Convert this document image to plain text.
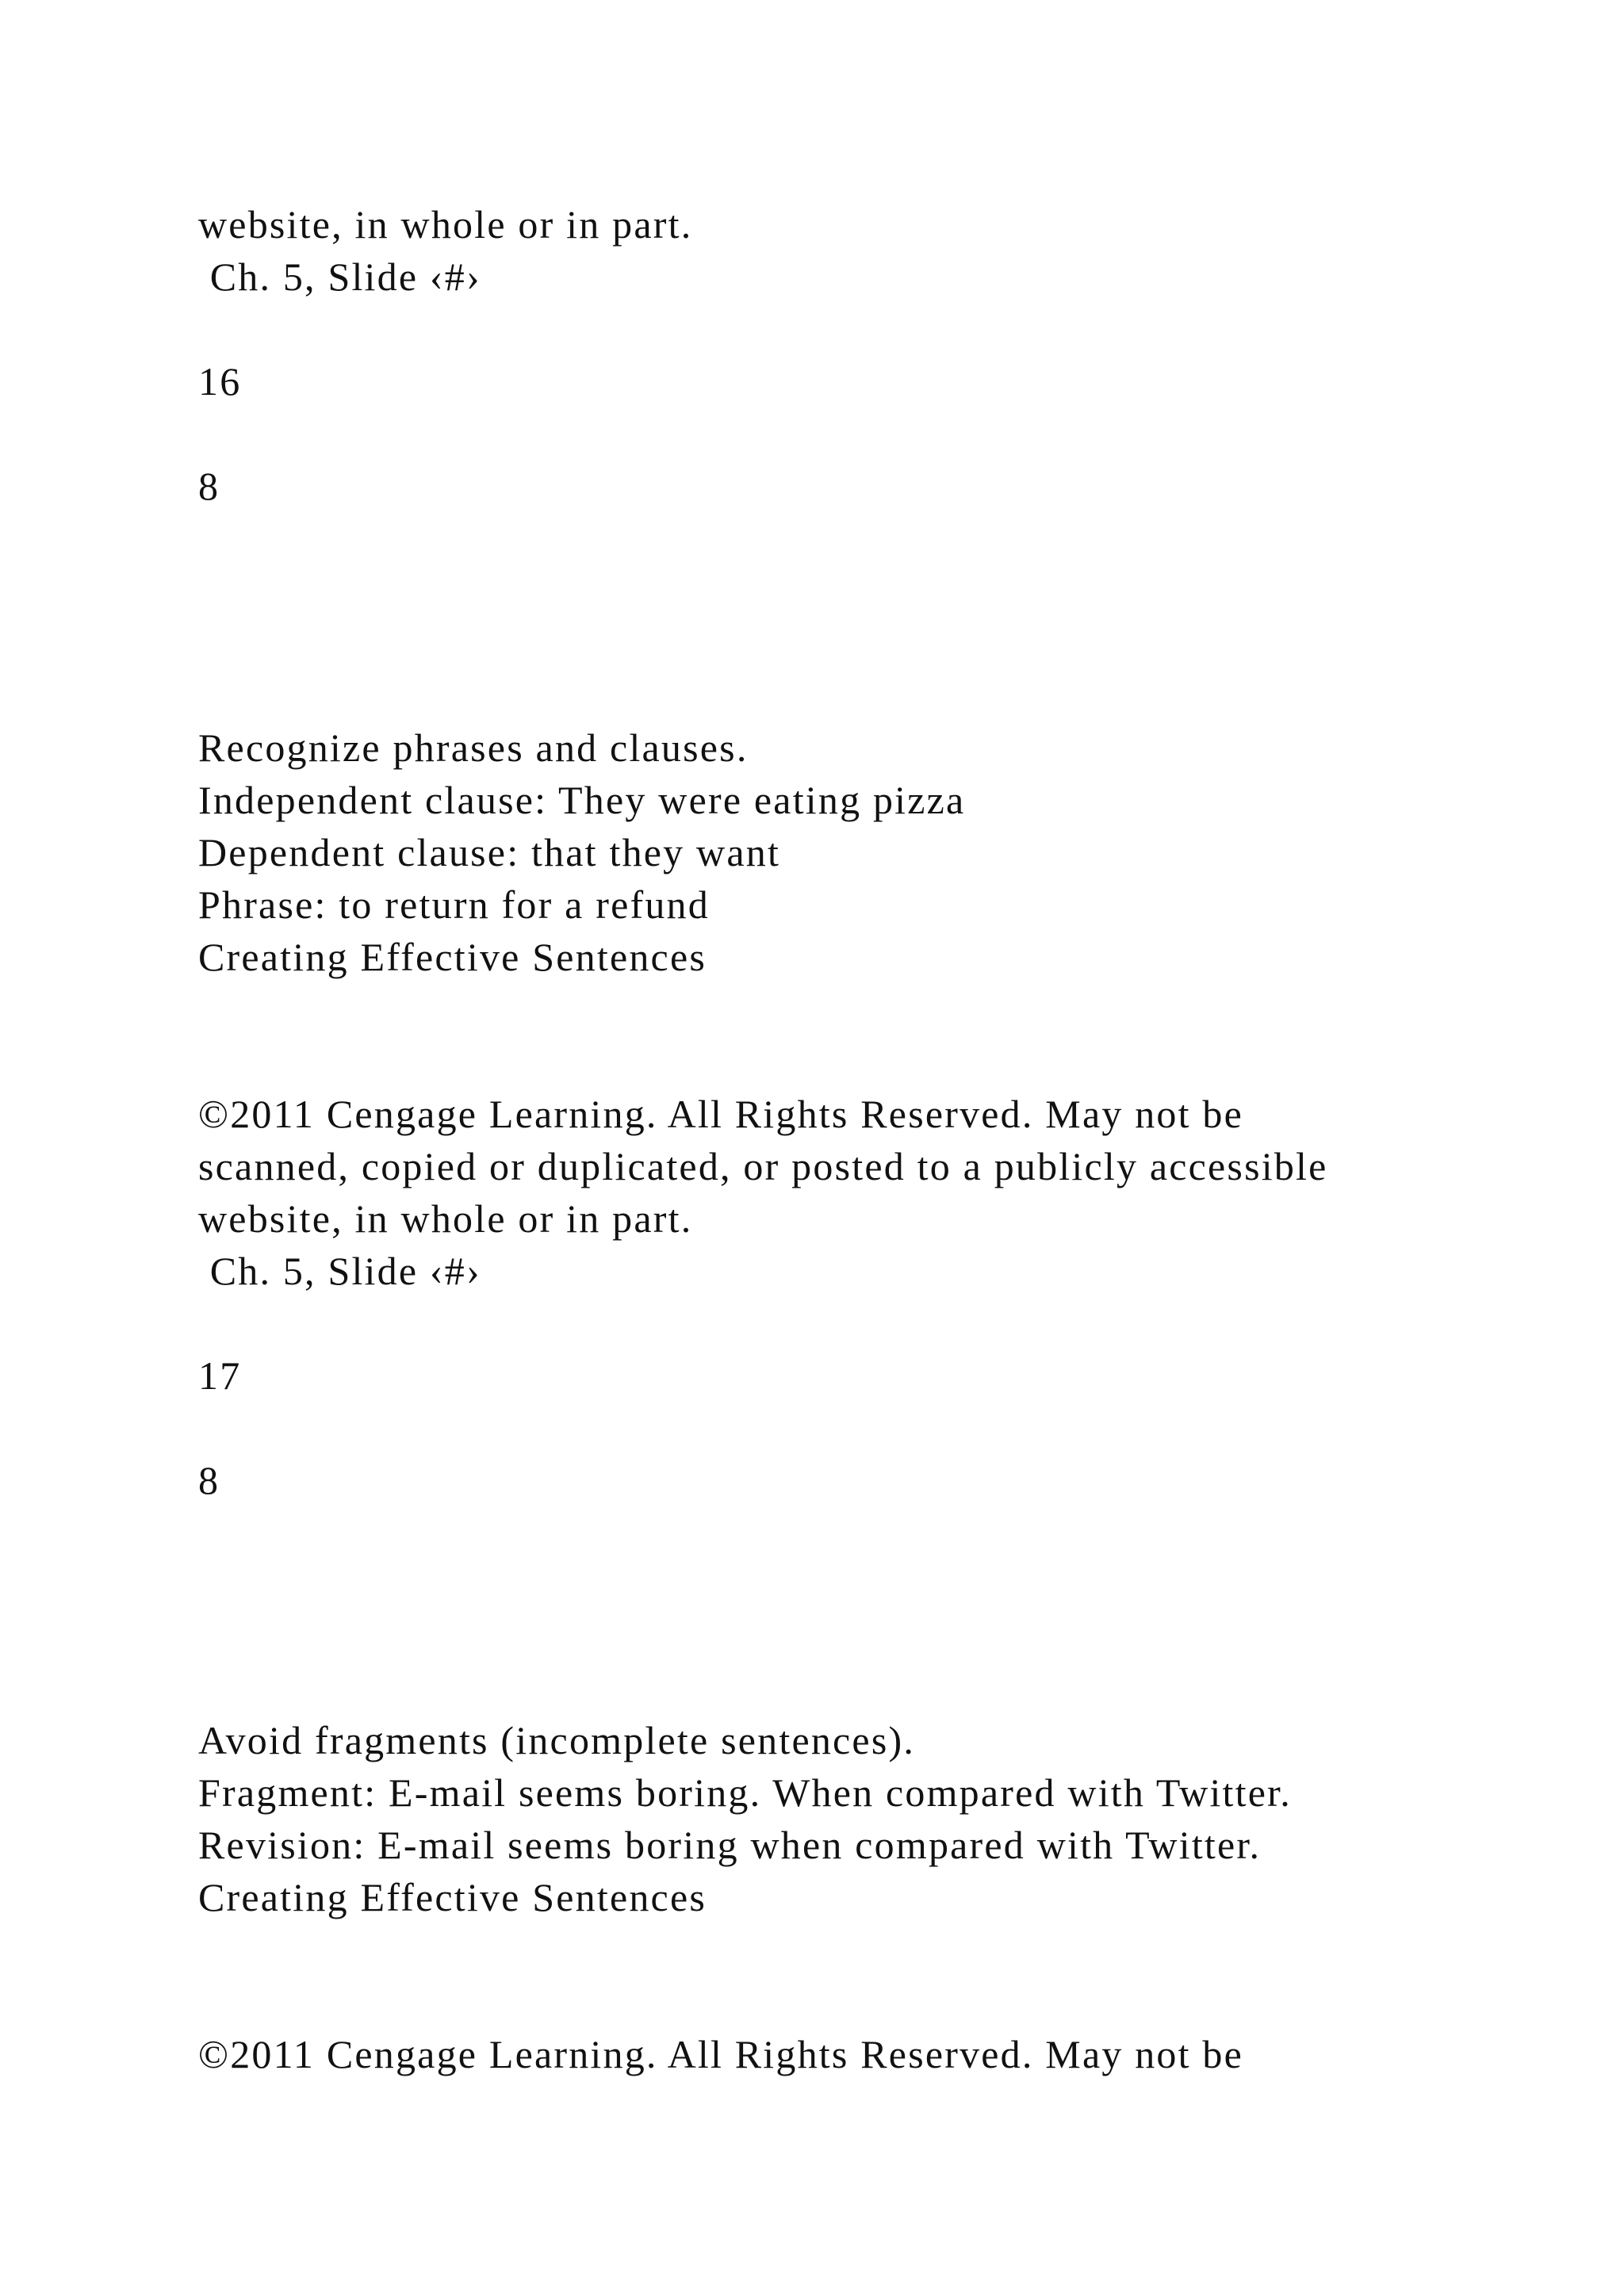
website, in whole or in part.
Ch. 5, Slide ‹#›
16
8
Recognize phrases and clauses.
Independent clause: They were eating pizza
Dependent clause: that they want
Phrase: to return for a refund
Creating Effective Sentences
©2011 Cengage Learning. All Rights Reserved. May not be
scanned, copied or duplicated, or posted to a publicly accessible
website, in whole or in part.
Ch. 5, Slide ‹#›
17
8
Avoid fragments (incomplete sentences).
Fragment: E-mail seems boring. When compared with Twitter.
Revision: E-mail seems boring when compared with Twitter.
Creating Effective Sentences
©2011 Cengage Learning. All Rights Reserved. May not be
